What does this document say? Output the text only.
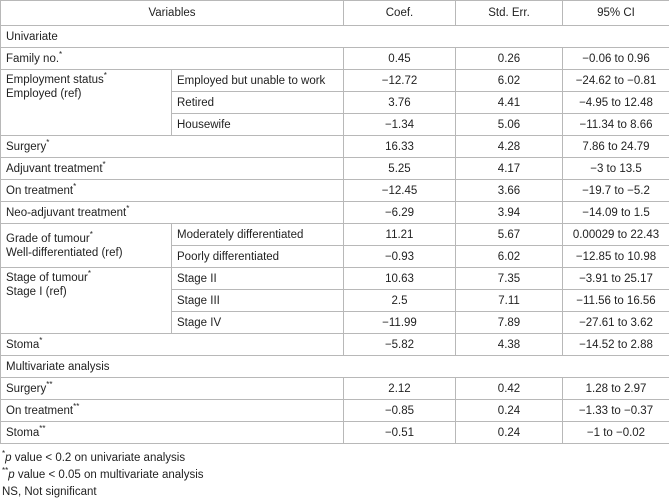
Variables		Coef.	Std. Err.	95% CI
Univariate				
Family no.*		0.45	0.26	−0.06 to 0.96

Employment status*
Employed (ref)	Employed but unable to work	−12.72	6.02	−24.62 to −0.81
	Retired	3.76	4.41	−4.95 to 12.48
	Housewife	−1.34	5.06	−11.34 to 8.66
Surgery*		16.33	4.28	7.86 to 24.79
Adjuvant treatment*		5.25	4.17	−3 to 13.5
On treatment*		−12.45	3.66	−19.7 to −5.2
Neo-adjuvant treatment*		−6.29	3.94	−14.09 to 1.5

Grade of tumour*
Well-differentiated (ref)	Moderately differentiated	11.21	5.67	0.00029 to 22.43
	Poorly differentiated	−0.93	6.02	−12.85 to 10.98

Stage of tumour*
Stage I (ref)	Stage II	10.63	7.35	−3.91 to 25.17
	Stage III	2.5	7.11	−11.56 to 16.56
	Stage IV	−11.99	7.89	−27.61 to 3.62
Stoma*		−5.82	4.38	−14.52 to 2.88
Multivariate analysis				
Surgery**		2.12	0.42	1.28 to 2.97
On treatment**		−0.85	0.24	−1.33 to −0.37
Stoma**		−0.51	0.24	−1 to −0.02
*p value < 0.2 on univariate analysis
**p value < 0.05 on multivariate analysis
NS, Not significant
